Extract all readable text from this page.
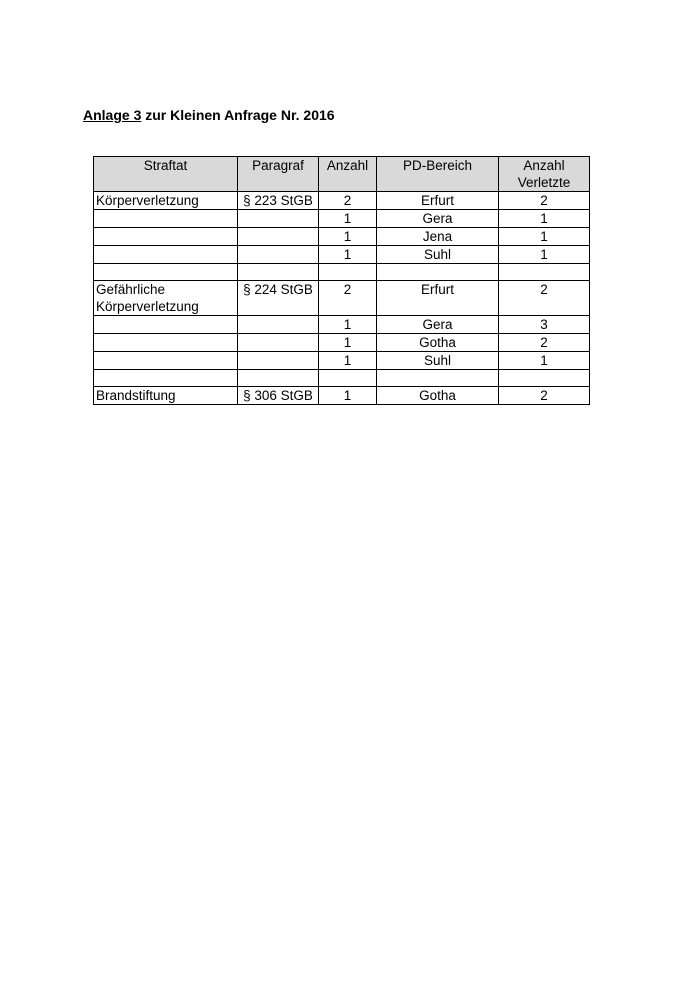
Anlage 3 zur Kleinen Anfrage Nr. 2016
Straftat	Paragraf	Anzahl	PD-Bereich	Anzahl
Verletzte
Körperverletzung	§ 223 StGB	2	Erfurt	2
		1	Gera	1
		1	Jena	1
		1	Suhl	1

Gefährliche
Körperverletzung	§ 224 StGB	2	Erfurt	2
		1	Gera	3
		1	Gotha	2
		1	Suhl	1

Brandstiftung	§ 306 StGB	1	Gotha	2
